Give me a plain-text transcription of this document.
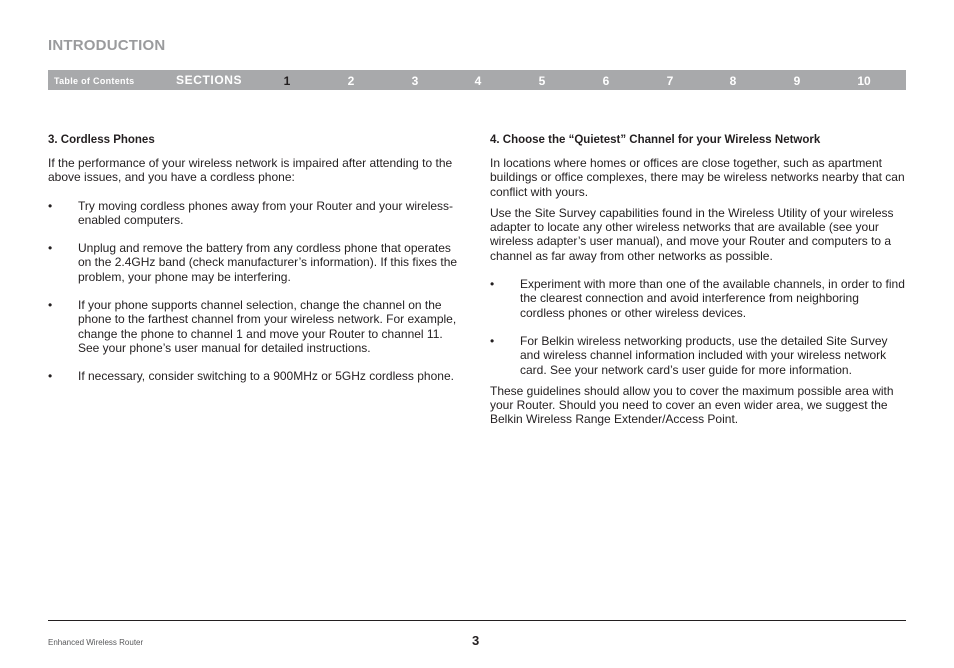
INTRODUCTION
Table of Contents	SECTIONS	1	2	3	4	5	6	7	8	9	10
3. Cordless Phones

If the performance of your wireless network is impaired after attending to the above issues, and you have a cordless phone:

• Try moving cordless phones away from your Router and your wireless-enabled computers.
• Unplug and remove the battery from any cordless phone that operates on the 2.4GHz band (check manufacturer’s information). If this fixes the problem, your phone may be interfering.
• If your phone supports channel selection, change the channel on the phone to the farthest channel from your wireless network. For example, change the phone to channel 1 and move your Router to channel 11. See your phone’s user manual for detailed instructions.
• If necessary, consider switching to a 900MHz or 5GHz cordless phone.
4. Choose the “Quietest” Channel for your Wireless Network

In locations where homes or offices are close together, such as apartment buildings or office complexes, there may be wireless networks nearby that can conflict with yours.

Use the Site Survey capabilities found in the Wireless Utility of your wireless adapter to locate any other wireless networks that are available (see your wireless adapter’s user manual), and move your Router and computers to a channel as far away from other networks as possible.

• Experiment with more than one of the available channels, in order to find the clearest connection and avoid interference from neighboring cordless phones or other wireless devices.
• For Belkin wireless networking products, use the detailed Site Survey and wireless channel information included with your wireless network card. See your network card’s user guide for more information.

These guidelines should allow you to cover the maximum possible area with your Router. Should you need to cover an even wider area, we suggest the Belkin Wireless Range Extender/Access Point.

Enhanced Wireless Router	3
